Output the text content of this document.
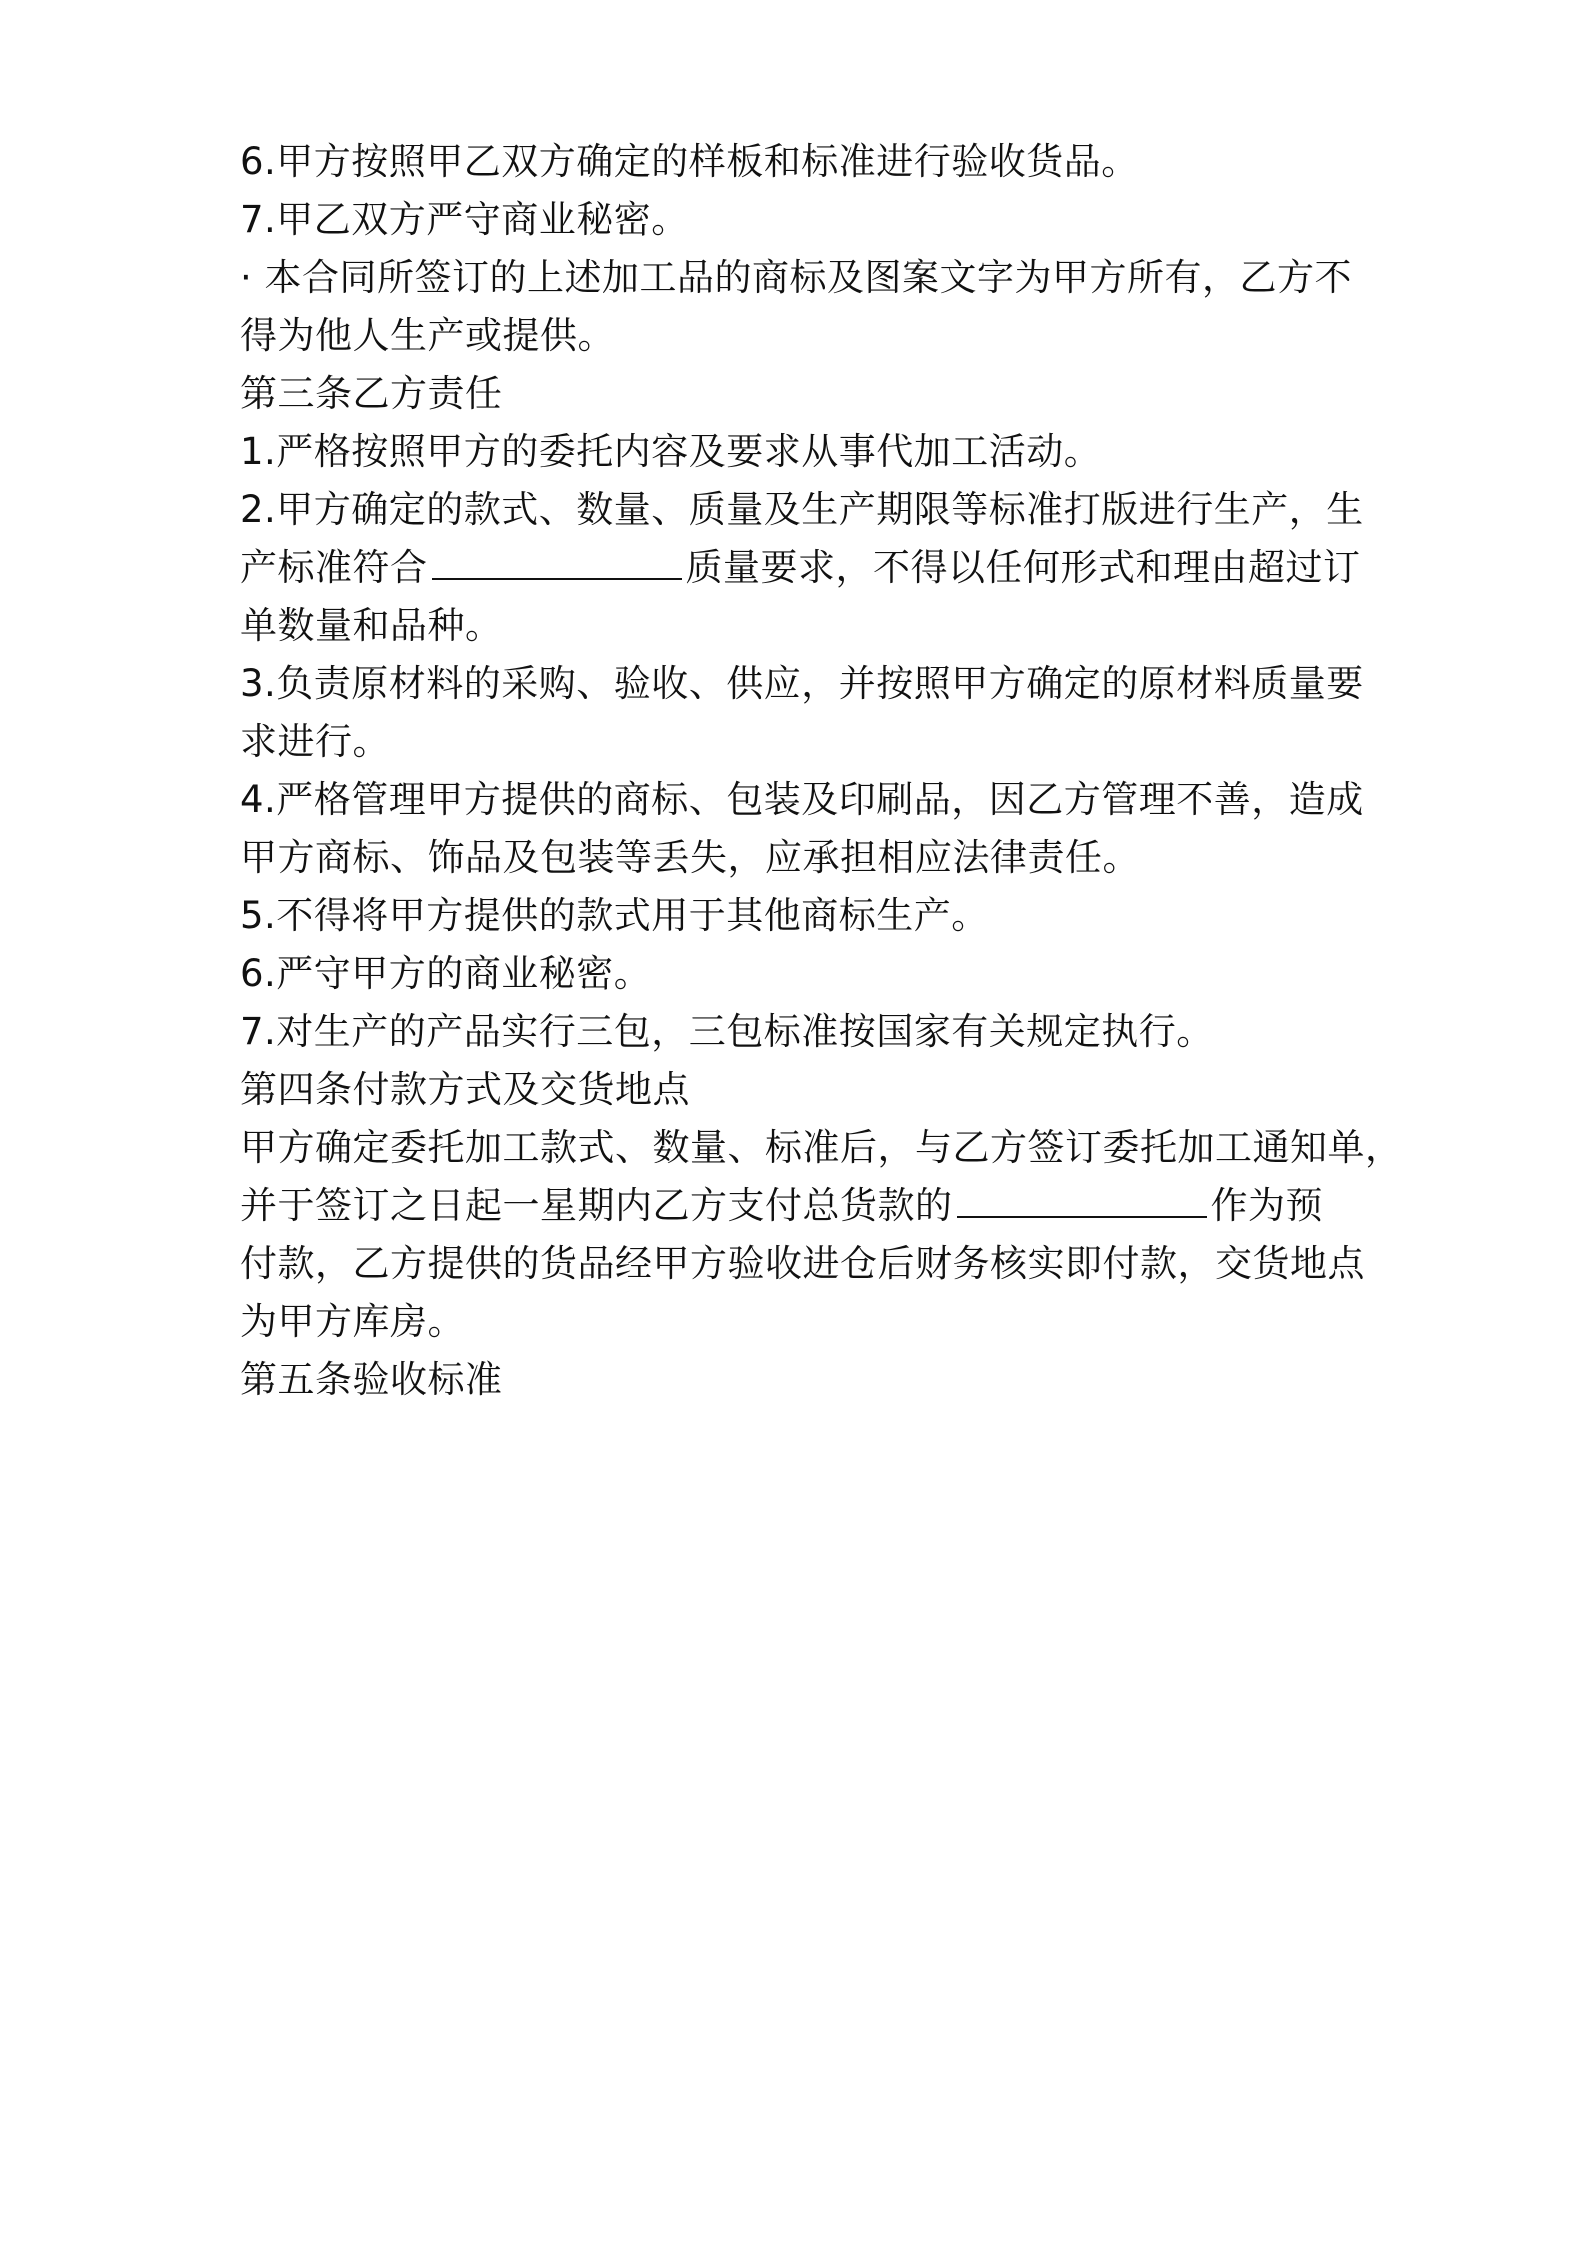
6.甲方按照甲乙双方确定的样板和标准进行验收货品。
7.甲乙双方严守商业秘密。
· 本合同所签订的上述加工品的商标及图案文字为甲方所有，乙方不
得为他人生产或提供。
第三条乙方责任
1.严格按照甲方的委托内容及要求从事代加工活动。
2.甲方确定的款式、数量、质量及生产期限等标准打版进行生产，生
产标准符合	质量要求，不得以任何形式和理由超过订
单数量和品种。
3.负责原材料的采购、验收、供应，并按照甲方确定的原材料质量要
求进行。
4.严格管理甲方提供的商标、包装及印刷品，因乙方管理不善，造成
甲方商标、饰品及包装等丢失，应承担相应法律责任。
5.不得将甲方提供的款式用于其他商标生产。
6.严守甲方的商业秘密。
7.对生产的产品实行三包，三包标准按国家有关规定执行。
第四条付款方式及交货地点
甲方确定委托加工款式、数量、标准后，与乙方签订委托加工通知单，
并于签订之日起一星期内乙方支付总货款的	作为预
付款，乙方提供的货品经甲方验收进仓后财务核实即付款，交货地点
为甲方库房。
第五条验收标准
